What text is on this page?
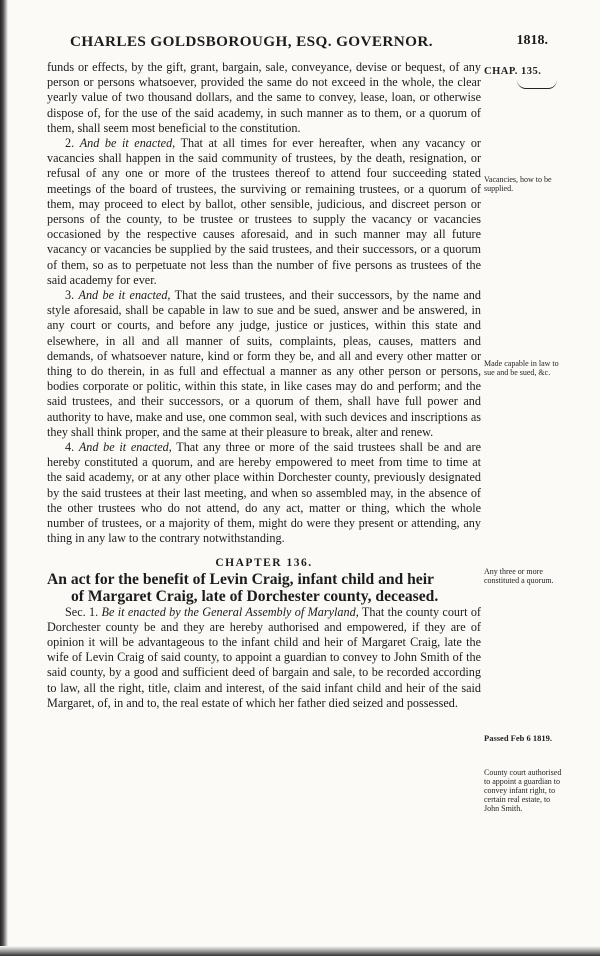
CHARLES GOLDSBOROUGH, ESQ. GOVERNOR.	1818.
CHAP. 135.
Vacancies, how to be supplied.
Made capable in law to sue and be sued, &c.
Any three or more constituted a quorum.
Passed Feb 6 1819.
County court authorised to appoint a guardian to convey infant right, to certain real estate, to John Smith.

funds or effects, by the gift, grant, bargain, sale, conveyance, devise or bequest, of any person or persons whatsoever, provided the same do not exceed in the whole, the clear yearly value of two thousand dollars, and the same to convey, lease, loan, or otherwise dispose of, for the use of the said academy, in such manner as to them, or a quorum of them, shall seem most beneficial to the constitution.

2. And be it enacted, That at all times for ever hereafter, when any vacancy or vacancies shall happen in the said community of trustees, by the death, resignation, or refusal of any one or more of the trustees thereof to attend four succeeding stated meetings of the board of trustees, the surviving or remaining trustees, or a quorum of them, may proceed to elect by ballot, other sensible, judicious, and discreet person or persons of the county, to be trustee or trustees to supply the vacancy or vacancies occasioned by the respective causes aforesaid, and in such manner may all future vacancy or vacancies be supplied by the said trustees, and their successors, or a quorum of them, so as to perpetuate not less than the number of five persons as trustees of the said academy for ever.

3. And be it enacted, That the said trustees, and their successors, by the name and style aforesaid, shall be capable in law to sue and be sued, answer and be answered, in any court or courts, and before any judge, justice or justices, within this state and elsewhere, in all and all manner of suits, complaints, pleas, causes, matters and demands, of whatsoever nature, kind or form they be, and all and every other matter or thing to do therein, in as full and effectual a manner as any other person or persons, bodies corporate or politic, within this state, in like cases may do and perform; and the said trustees, and their successors, or a quorum of them, shall have full power and authority to have, make and use, one common seal, with such devices and inscriptions as they shall think proper, and the same at their pleasure to break, alter and renew.

4. And be it enacted, That any three or more of the said trustees shall be and are hereby constituted a quorum, and are hereby empowered to meet from time to time at the said academy, or at any other place within Dorchester county, previously designated by the said trustees at their last meeting, and when so assembled may, in the absence of the other trustees who do not attend, do any act, matter or thing, which the whole number of trustees, or a majority of them, might do were they present or attending, any thing in any law to the contrary notwithstanding.

CHAPTER 136.

An act for the benefit of Levin Craig, infant child and heir
of Margaret Craig, late of Dorchester county, deceased.

Sec. 1. Be it enacted by the General Assembly of Maryland, That the county court of Dorchester county be and they are hereby authorised and empowered, if they are of opinion it will be advantageous to the infant child and heir of Margaret Craig, late the wife of Levin Craig of said county, to appoint a guardian to convey to John Smith of the said county, by a good and sufficient deed of bargain and sale, to be recorded according to law, all the right, title, claim and interest, of the said infant child and heir of the said Margaret, of, in and to, the real estate of which her father died seized and possessed.
